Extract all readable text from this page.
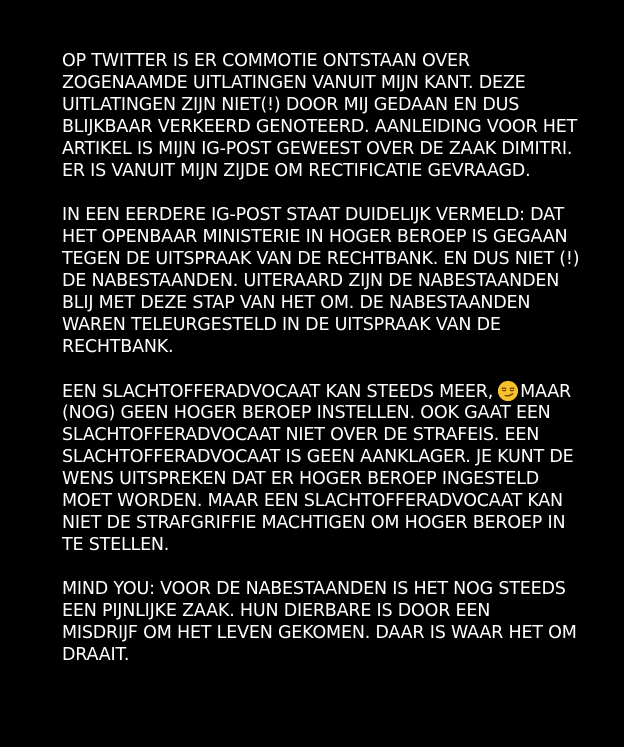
OP TWITTER IS ER COMMOTIE ONTSTAAN OVER
ZOGENAAMDE UITLATINGEN VANUIT MIJN KANT. DEZE
UITLATINGEN ZIJN NIET(!) DOOR MIJ GEDAAN EN DUS
BLIJKBAAR VERKEERD GENOTEERD. AANLEIDING VOOR HET
ARTIKEL IS MIJN IG-POST GEWEEST OVER DE ZAAK DIMITRI.
ER IS VANUIT MIJN ZIJDE OM RECTIFICATIE GEVRAAGD.
IN EEN EERDERE IG-POST STAAT DUIDELIJK VERMELD: DAT
HET OPENBAAR MINISTERIE IN HOGER BEROEP IS GEGAAN
TEGEN DE UITSPRAAK VAN DE RECHTBANK. EN DUS NIET (!)
DE NABESTAANDEN. UITERAARD ZIJN DE NABESTAANDEN
BLIJ MET DEZE STAP VAN HET OM. DE NABESTAANDEN
WAREN TELEURGESTELD IN DE UITSPRAAK VAN DE
RECHTBANK.
EEN SLACHTOFFERADVOCAAT KAN STEEDS MEER, MAAR
(NOG) GEEN HOGER BEROEP INSTELLEN. OOK GAAT EEN
SLACHTOFFERADVOCAAT NIET OVER DE STRAFEIS. EEN
SLACHTOFFERADVOCAAT IS GEEN AANKLAGER. JE KUNT DE
WENS UITSPREKEN DAT ER HOGER BEROEP INGESTELD
MOET WORDEN. MAAR EEN SLACHTOFFERADVOCAAT KAN
NIET DE STRAFGRIFFIE MACHTIGEN OM HOGER BEROEP IN
TE STELLEN.
MIND YOU: VOOR DE NABESTAANDEN IS HET NOG STEEDS
EEN PIJNLIJKE ZAAK. HUN DIERBARE IS DOOR EEN
MISDRIJF OM HET LEVEN GEKOMEN. DAAR IS WAAR HET OM
DRAAIT.
